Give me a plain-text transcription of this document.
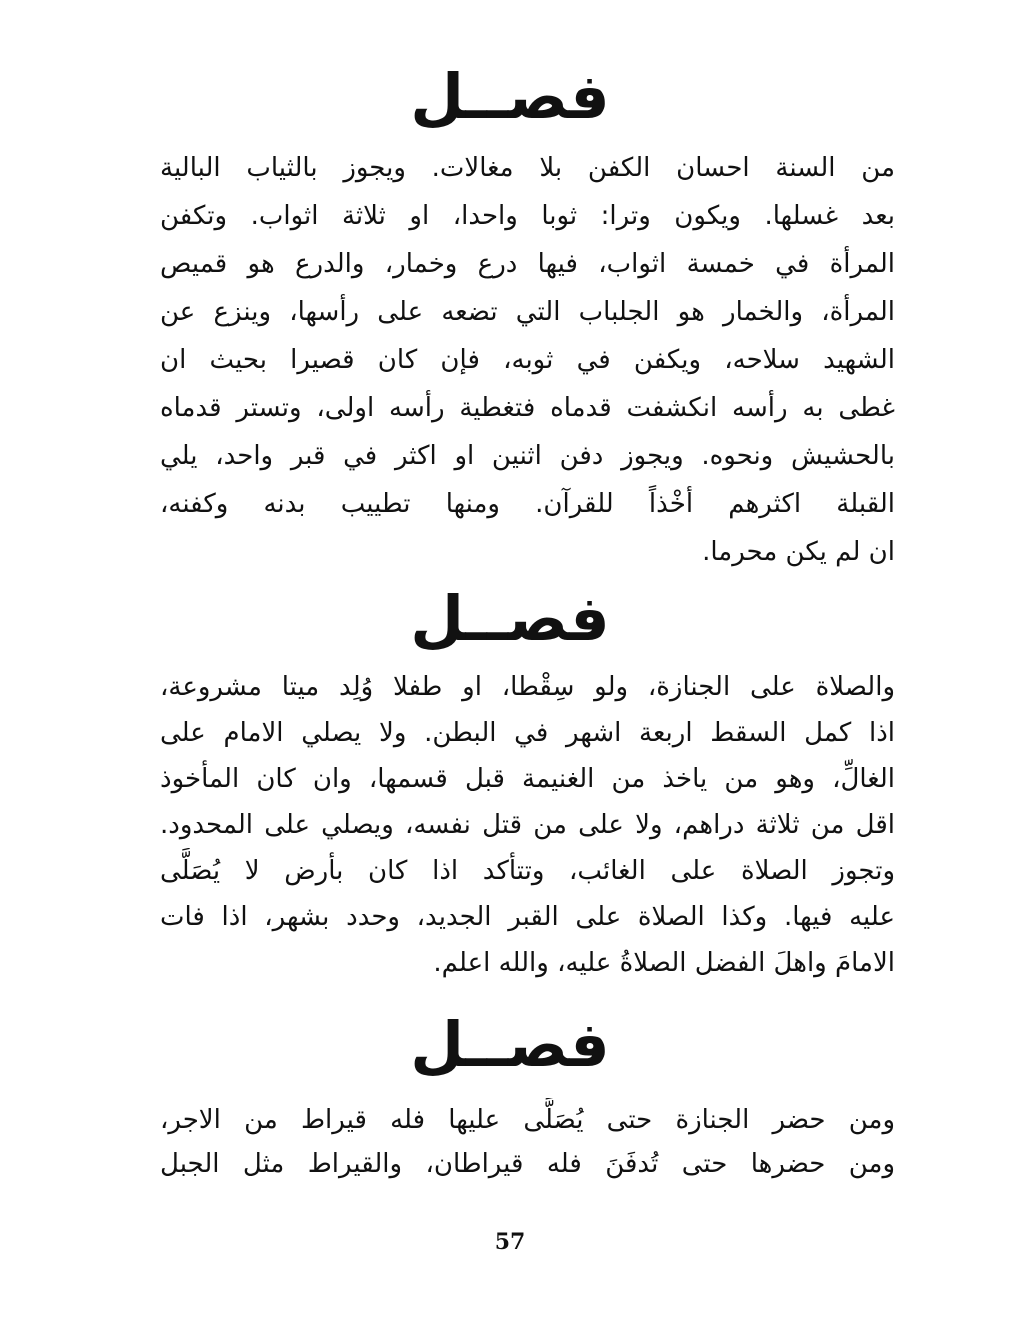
فصــل
من السنة احسان الكفن بلا مغالات. ويجوز بالثياب البالية
بعد غسلها. ويكون وترا: ثوبا واحدا، او ثلاثة اثواب. وتكفن
المرأة في خمسة اثواب، فيها درع وخمار، والدرع هو قميص
المرأة، والخمار هو الجلباب التي تضعه على رأسها، وينزع عن
الشهيد سلاحه، ويكفن في ثوبه، فإن كان قصيرا بحيث ان
غطى به رأسه انكشفت قدماه فتغطية رأسه اولى، وتستر قدماه
بالحشيش ونحوه. ويجوز دفن اثنين او اكثر في قبر واحد، يلي
القبلة اكثرهم أخْذاً للقرآن. ومنها تطييب بدنه وكفنه،
ان لم يكن محرما.
فصــل
والصلاة على الجنازة، ولو سِقْطا، او طفلا وُلِد ميتا مشروعة،
اذا كمل السقط اربعة اشهر في البطن. ولا يصلي الامام على
الغالِّ، وهو من ياخذ من الغنيمة قبل قسمها، وان كان المأخوذ
اقل من ثلاثة دراهم، ولا على من قتل نفسه، ويصلي على المحدود.
وتجوز الصلاة على الغائب، وتتأكد اذا كان بأرض لا يُصَلَّى
عليه فيها. وكذا الصلاة على القبر الجديد، وحدد بشهر، اذا فات
الامامَ واهلَ الفضل الصلاةُ عليه، والله اعلم.
فصــل
ومن حضر الجنازة حتى يُصَلَّى عليها فله قيراط من الاجر،
ومن حضرها حتى تُدفَنَ فله قيراطان، والقيراط مثل الجبل
57
